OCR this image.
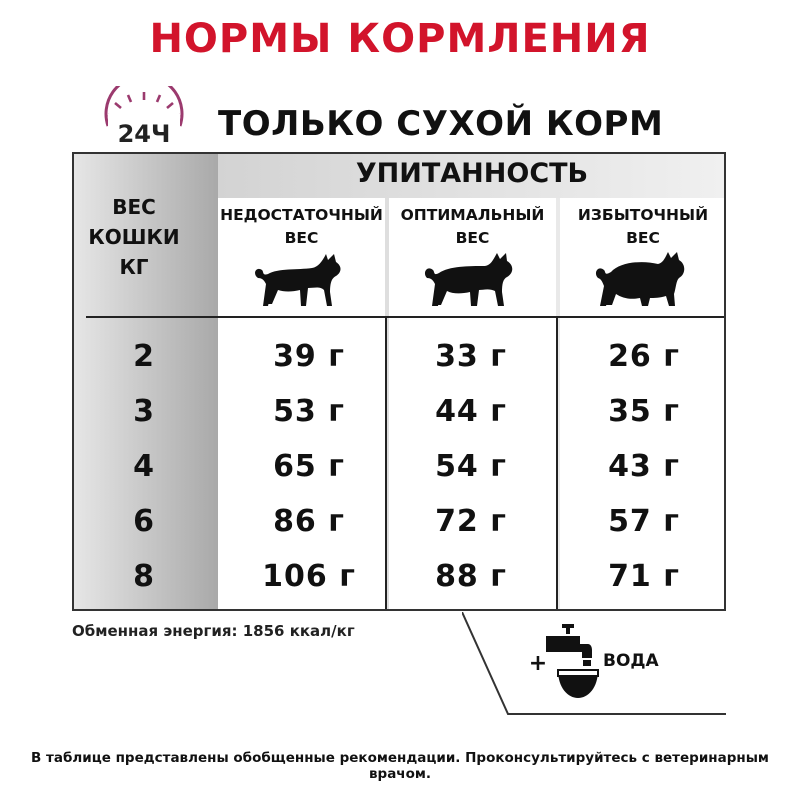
НОРМЫ КОРМЛЕНИЯ
24Ч ТОЛЬКО СУХОЙ КОРМ
УПИТАННОСТЬ
ВЕС
КОШКИ
КГ
НЕДОСТАТОЧНЫЙ
ВЕС
ОПТИМАЛЬНЫЙ
ВЕС
ИЗБЫТОЧНЫЙ
ВЕС
2	39 г	33 г	26 г
3	53 г	44 г	35 г
4	65 г	54 г	43 г
6	86 г	72 г	57 г
8	106 г	88 г	71 г
Обменная энергия: 1856 ккал/кг
+	ВОДА
В таблице представлены обобщенные рекомендации. Проконсультируйтесь с ветеринарным врачом.
